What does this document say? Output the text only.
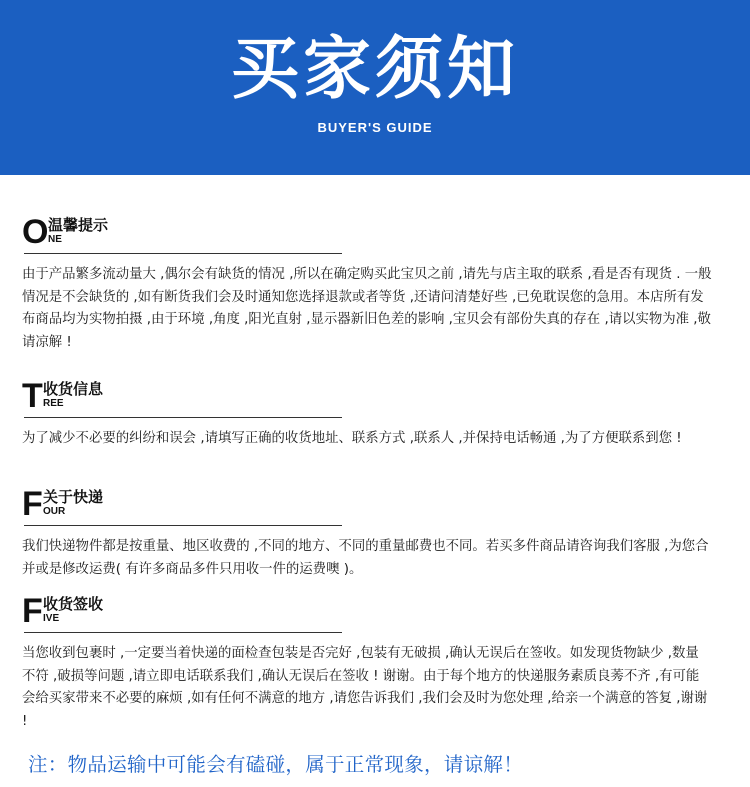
买家须知
BUYER'S GUIDE
O 温馨提示
NE
由于产品繁多流动量大 ,偶尔会有缺货的情况 ,所以在确定购买此宝贝之前 ,请先与店主取的联系 ,看是否有现货 . 一般情况是不会缺货的 ,如有断货我们会及时通知您选择退款或者等货 ,还请问清楚好些 ,已免耽误您的急用。本店所有发布商品均为实物拍摄 ,由于环境 ,角度 ,阳光直射 ,显示器新旧色差的影响 ,宝贝会有部份失真的存在 ,请以实物为准 ,敬请凉解 !
T 收货信息
REE
为了减少不必要的纠纷和误会 ,请填写正确的收货地址、联系方式 ,联系人 ,并保持电话畅通 ,为了方便联系到您 !
F 关于快递
OUR
我们快递物件都是按重量、地区收费的 ,不同的地方、不同的重量邮费也不同。若买多件商品请咨询我们客服 ,为您合并或是修改运费( 有许多商品多件只用收一件的运费噢 )。
F 收货签收
IVE
当您收到包裹时 ,一定要当着快递的面检查包装是否完好 ,包装有无破损 ,确认无误后在签收。如发现货物缺少 ,数量不符 ,破损等问题 ,请立即电话联系我们 ,确认无误后在签收 ! 谢谢。由于每个地方的快递服务素质良莠不齐 ,有可能会给买家带来不必要的麻烦 ,如有任何不满意的地方 ,请您告诉我们 ,我们会及时为您处理 ,给亲一个满意的答复 ,谢谢 !
注：物品运输中可能会有磕碰，属于正常现象，请谅解！
